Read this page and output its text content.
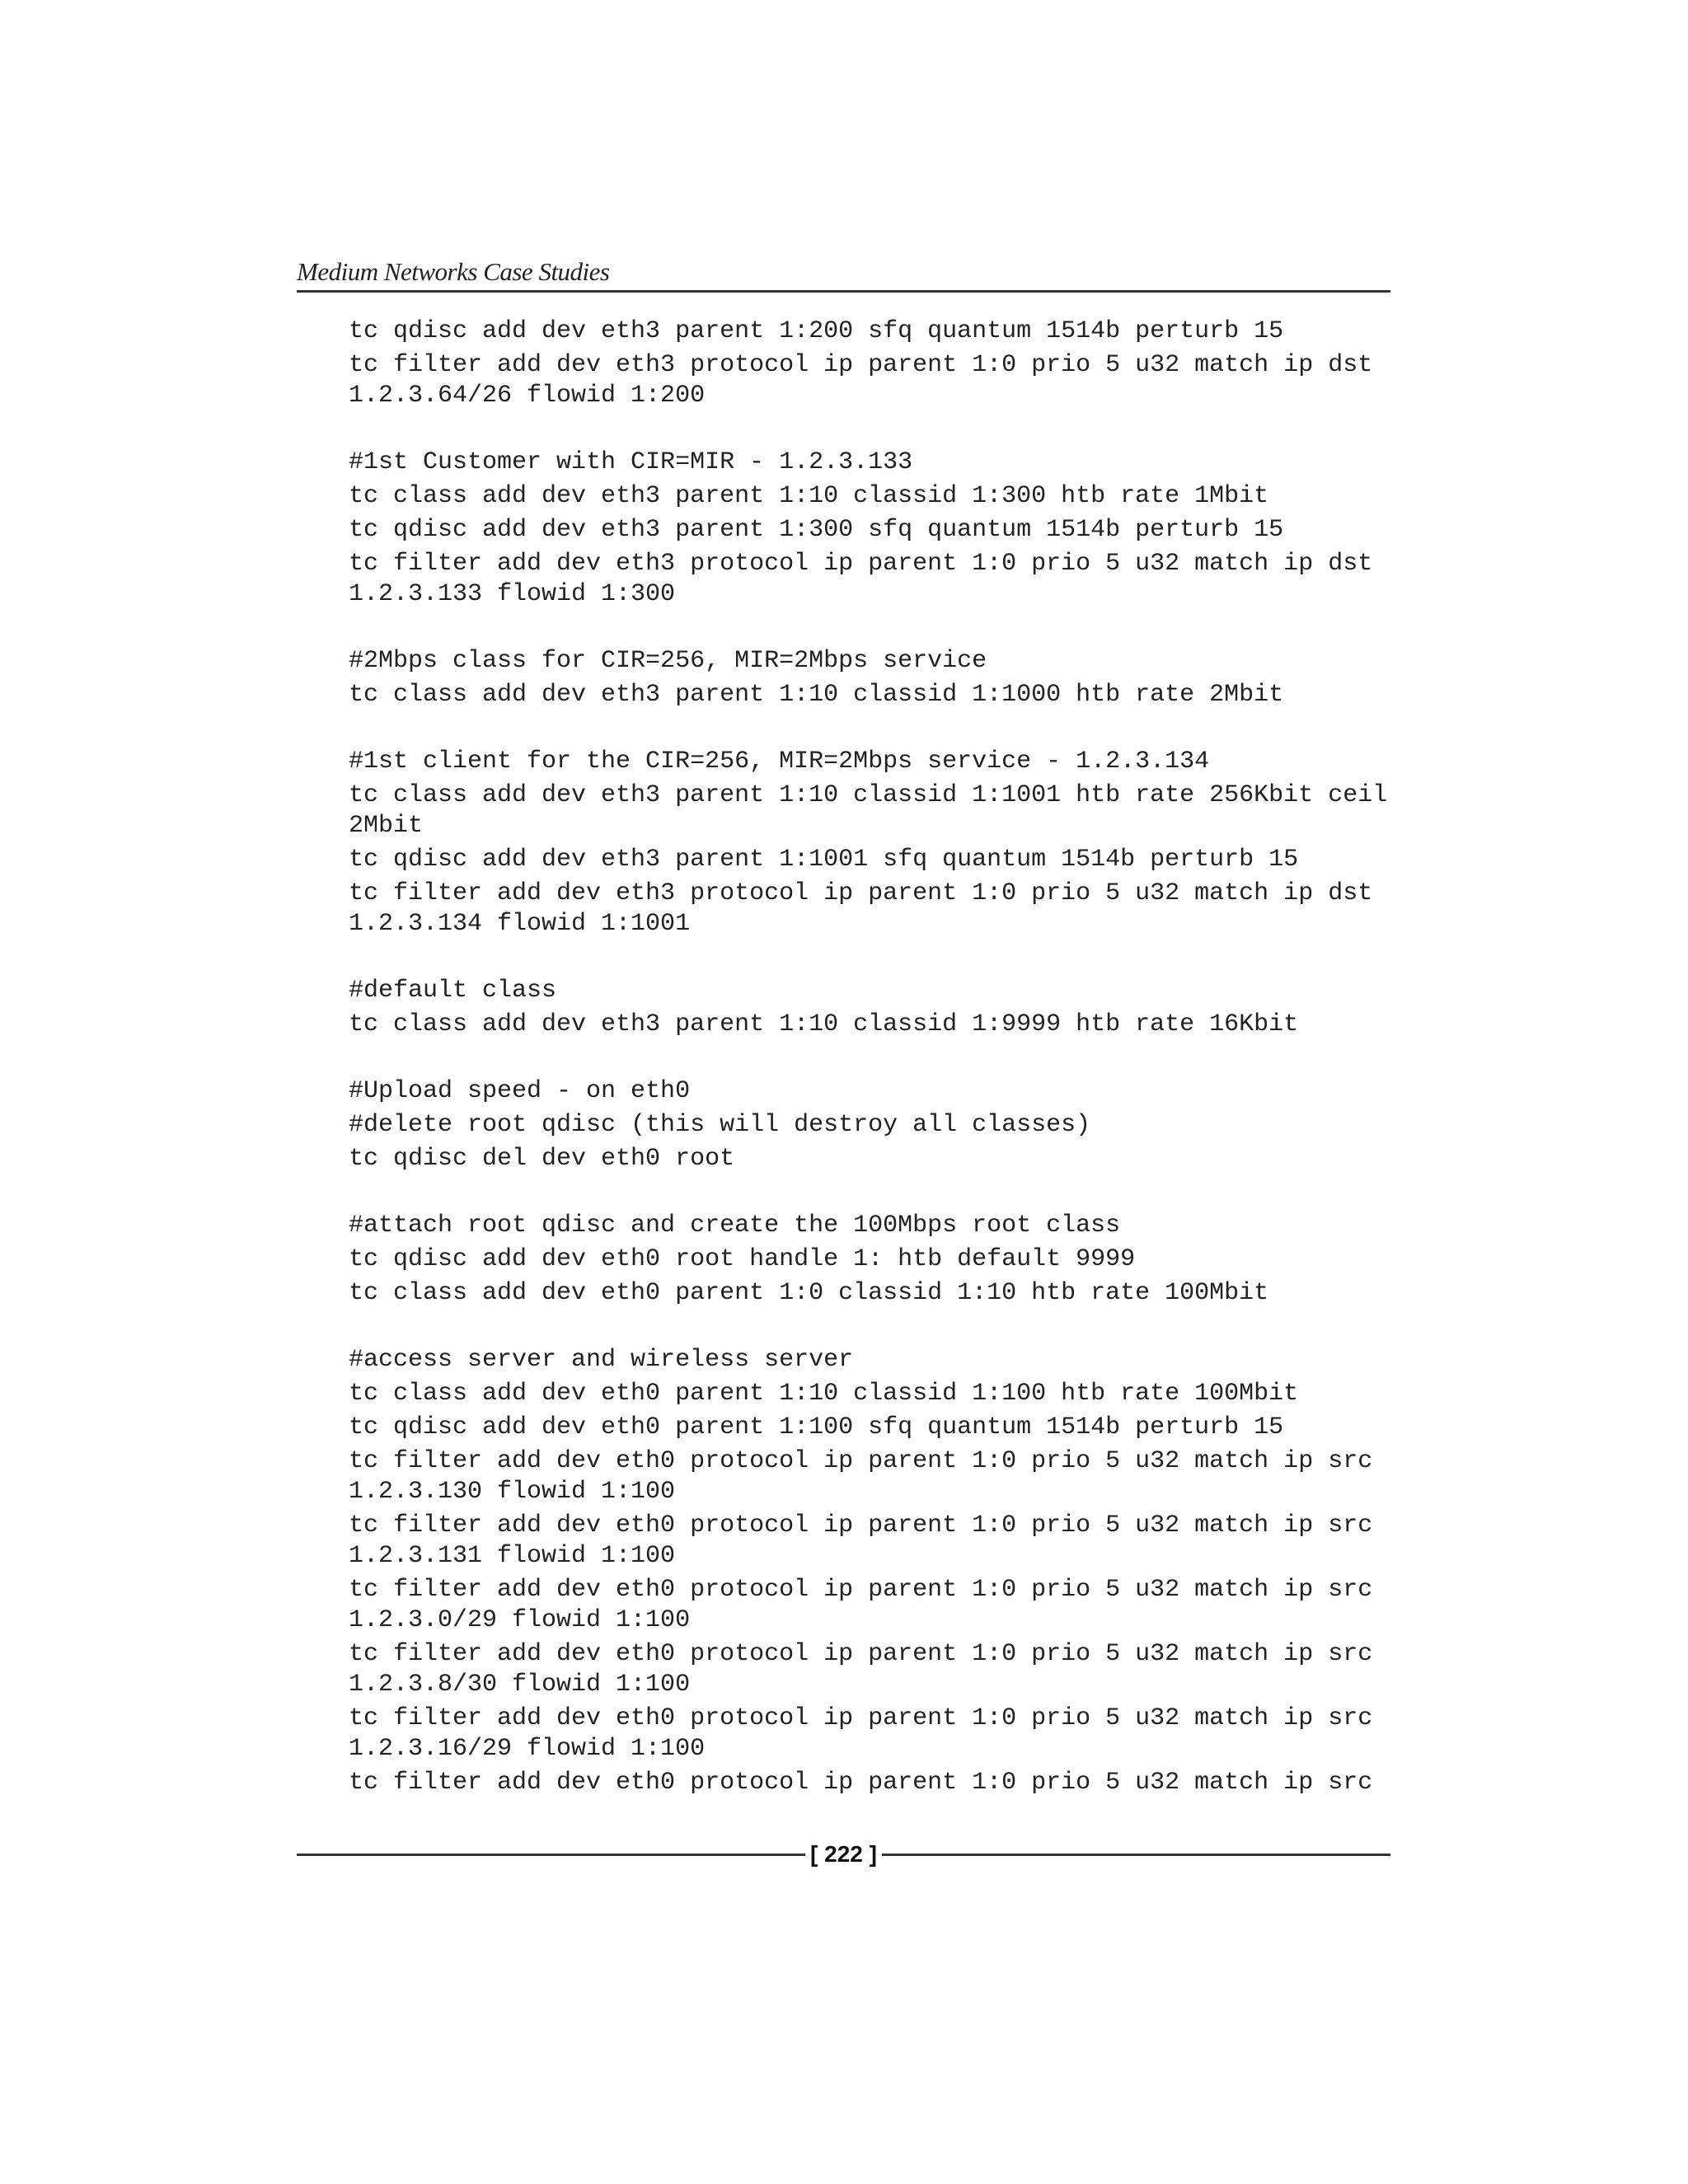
Medium Networks Case Studies
tc qdisc add dev eth3 parent 1:200 sfq quantum 1514b perturb 15
tc filter add dev eth3 protocol ip parent 1:0 prio 5 u32 match ip dst
1.2.3.64/26 flowid 1:200
#1st Customer with CIR=MIR - 1.2.3.133
tc class add dev eth3 parent 1:10 classid 1:300 htb rate 1Mbit
tc qdisc add dev eth3 parent 1:300 sfq quantum 1514b perturb 15
tc filter add dev eth3 protocol ip parent 1:0 prio 5 u32 match ip dst
1.2.3.133 flowid 1:300
#2Mbps class for CIR=256, MIR=2Mbps service
tc class add dev eth3 parent 1:10 classid 1:1000 htb rate 2Mbit
#1st client for the CIR=256, MIR=2Mbps service - 1.2.3.134
tc class add dev eth3 parent 1:10 classid 1:1001 htb rate 256Kbit ceil
2Mbit
tc qdisc add dev eth3 parent 1:1001 sfq quantum 1514b perturb 15
tc filter add dev eth3 protocol ip parent 1:0 prio 5 u32 match ip dst
1.2.3.134 flowid 1:1001
#default class
tc class add dev eth3 parent 1:10 classid 1:9999 htb rate 16Kbit
#Upload speed - on eth0
#delete root qdisc (this will destroy all classes)
tc qdisc del dev eth0 root
#attach root qdisc and create the 100Mbps root class
tc qdisc add dev eth0 root handle 1: htb default 9999
tc class add dev eth0 parent 1:0 classid 1:10 htb rate 100Mbit
#access server and wireless server
tc class add dev eth0 parent 1:10 classid 1:100 htb rate 100Mbit
tc qdisc add dev eth0 parent 1:100 sfq quantum 1514b perturb 15
tc filter add dev eth0 protocol ip parent 1:0 prio 5 u32 match ip src
1.2.3.130 flowid 1:100
tc filter add dev eth0 protocol ip parent 1:0 prio 5 u32 match ip src
1.2.3.131 flowid 1:100
tc filter add dev eth0 protocol ip parent 1:0 prio 5 u32 match ip src
1.2.3.0/29 flowid 1:100
tc filter add dev eth0 protocol ip parent 1:0 prio 5 u32 match ip src
1.2.3.8/30 flowid 1:100
tc filter add dev eth0 protocol ip parent 1:0 prio 5 u32 match ip src
1.2.3.16/29 flowid 1:100
tc filter add dev eth0 protocol ip parent 1:0 prio 5 u32 match ip src
[ 222 ]
